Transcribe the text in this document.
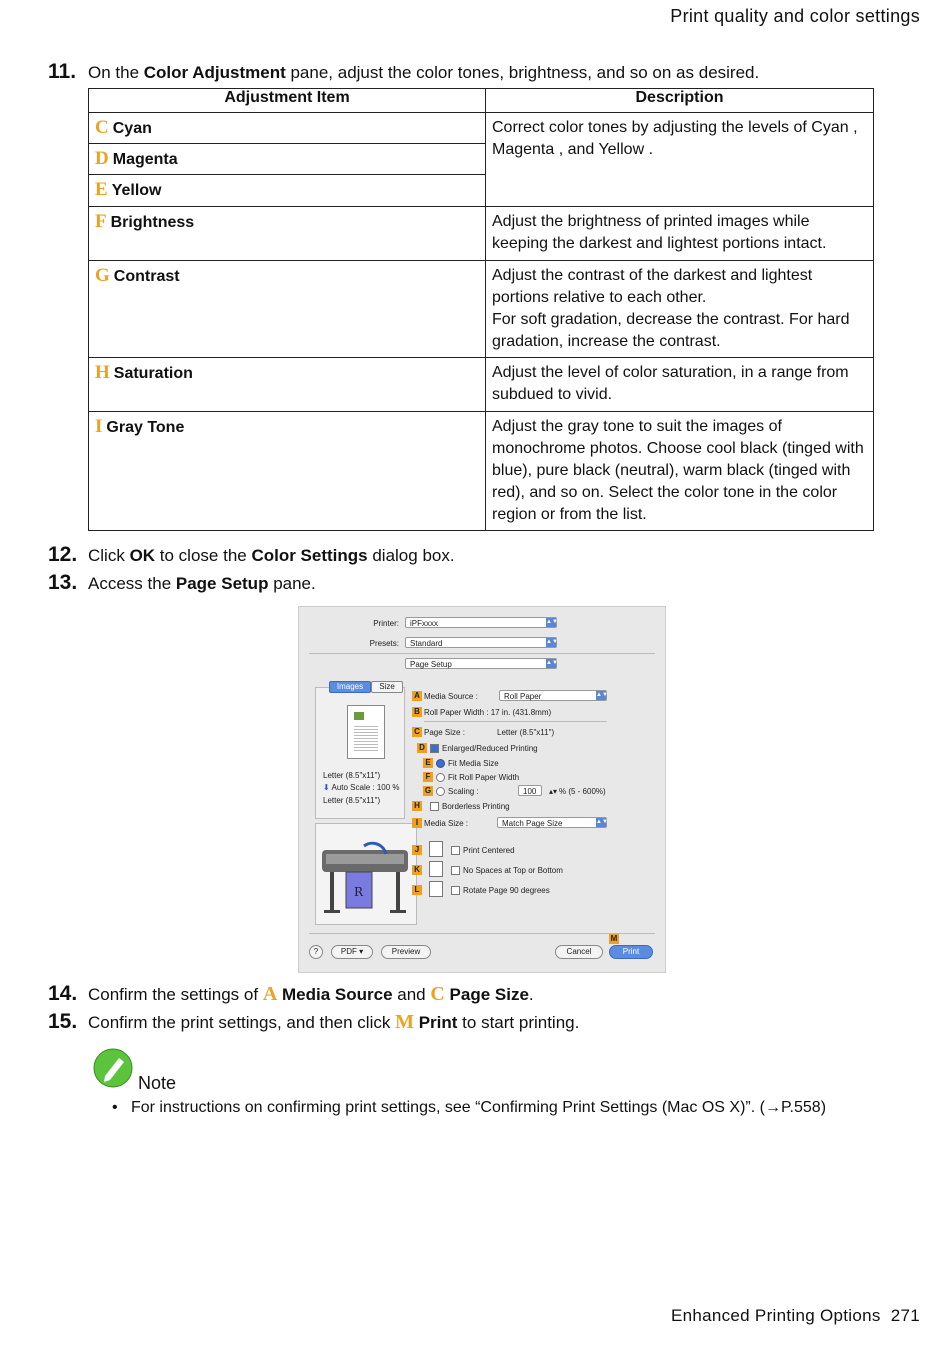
Print quality and color settings
11. On the Color Adjustment pane, adjust the color tones, brightness, and so on as desired.
Adjustment Item	Description
C Cyan	Correct color tones by adjusting the levels of Cyan , Magenta , and Yellow .
D Magenta	
E Yellow	
F Brightness	Adjust the brightness of printed images while keeping the darkest and lightest portions intact.
G Contrast	Adjust the contrast of the darkest and lightest portions relative to each other.
For soft gradation, decrease the contrast. For hard gradation, increase the contrast.

H Saturation	Adjust the level of color saturation, in a range from subdued to vivid.
I Gray Tone	Adjust the gray tone to suit the images of monochrome photos. Choose cool black (tinged with blue), pure black (neutral), warm black (tinged with red), and so on. Select the color tone in the color region or from the list.
12. Click OK to close the Color Settings dialog box.
13. Access the Page Setup pane.
Printer:	iPFxxxx	▲▼
Presets:	Standard	▲▼
Page Setup	▲▼
Images	Size
Letter (8.5"x11")
⬇ Auto Scale : 100 %
Letter (8.5"x11")
R
A Media Source :	Roll Paper	▲▼
B Roll Paper Width : 17 in. (431.8mm)
C Page Size :	Letter (8.5"x11")
D	Enlarged/Reduced Printing
E	Fit Media Size
F	Fit Roll Paper Width
G	Scaling :	100	▴▾ % (5 - 600%)
H	Borderless Printing
I Media Size :	Match Page Size	▲▼
J	Print Centered
K	No Spaces at Top or Bottom
L	Rotate Page 90 degrees
?	PDF ▾	Preview	Cancel
M
Print
14. Confirm the settings of A Media Source and C Page Size.
15. Confirm the print settings, and then click M Print to start printing.
Note
• For instructions on confirming print settings, see “Confirming Print Settings (Mac OS X)”. (→P.558)
Enhanced Printing Options 271
